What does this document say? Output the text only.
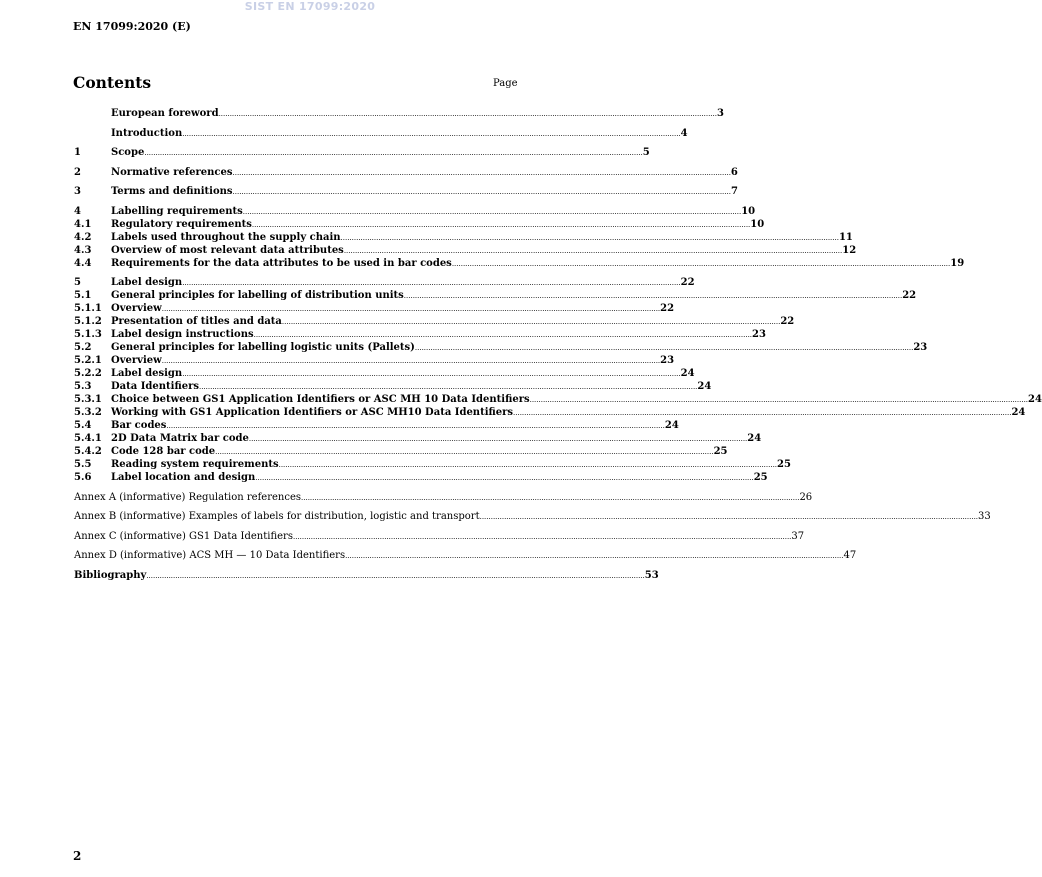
SIST EN 17099:2020
EN 17099:2020 (E)
Contents	Page
European foreword .....	3
Introduction .....	4
1	Scope .....	5
2	Normative references .....	6
3	Terms and definitions .....	7
4	Labelling requirements .....	10
4.1	Regulatory requirements .....	10
4.2	Labels used throughout the supply chain .....	11
4.3	Overview of most relevant data attributes .....	12
4.4	Requirements for the data attributes to be used in bar codes .....	19
5	Label design .....	22
5.1	General principles for labelling of distribution units .....	22
5.1.1 Overview .....	22
5.1.2 Presentation of titles and data .....	22
5.1.3 Label design instructions .....	23
5.2	General principles for labelling logistic units (Pallets) .....	23
5.2.1 Overview .....	23
5.2.2 Label design .....	24
5.3	Data Identifiers .....	24
5.3.1 Choice between GS1 Application Identifiers or ASC MH 10 Data Identifiers .....	24
5.3.2 Working with GS1 Application Identifiers or ASC MH10 Data Identifiers .....	24
5.4	Bar codes .....	24
5.4.1 2D Data Matrix bar code .....	24
5.4.2 Code 128 bar code .....	25
5.5	Reading system requirements .....	25
5.6	Label location and design .....	25
Annex A (informative) Regulation references .....	26
Annex B (informative) Examples of labels for distribution, logistic and transport .....	33
Annex C (informative) GS1 Data Identifiers .....	37
Annex D (informative) ACS MH — 10 Data Identifiers .....	47
Bibliography .....	53
2
